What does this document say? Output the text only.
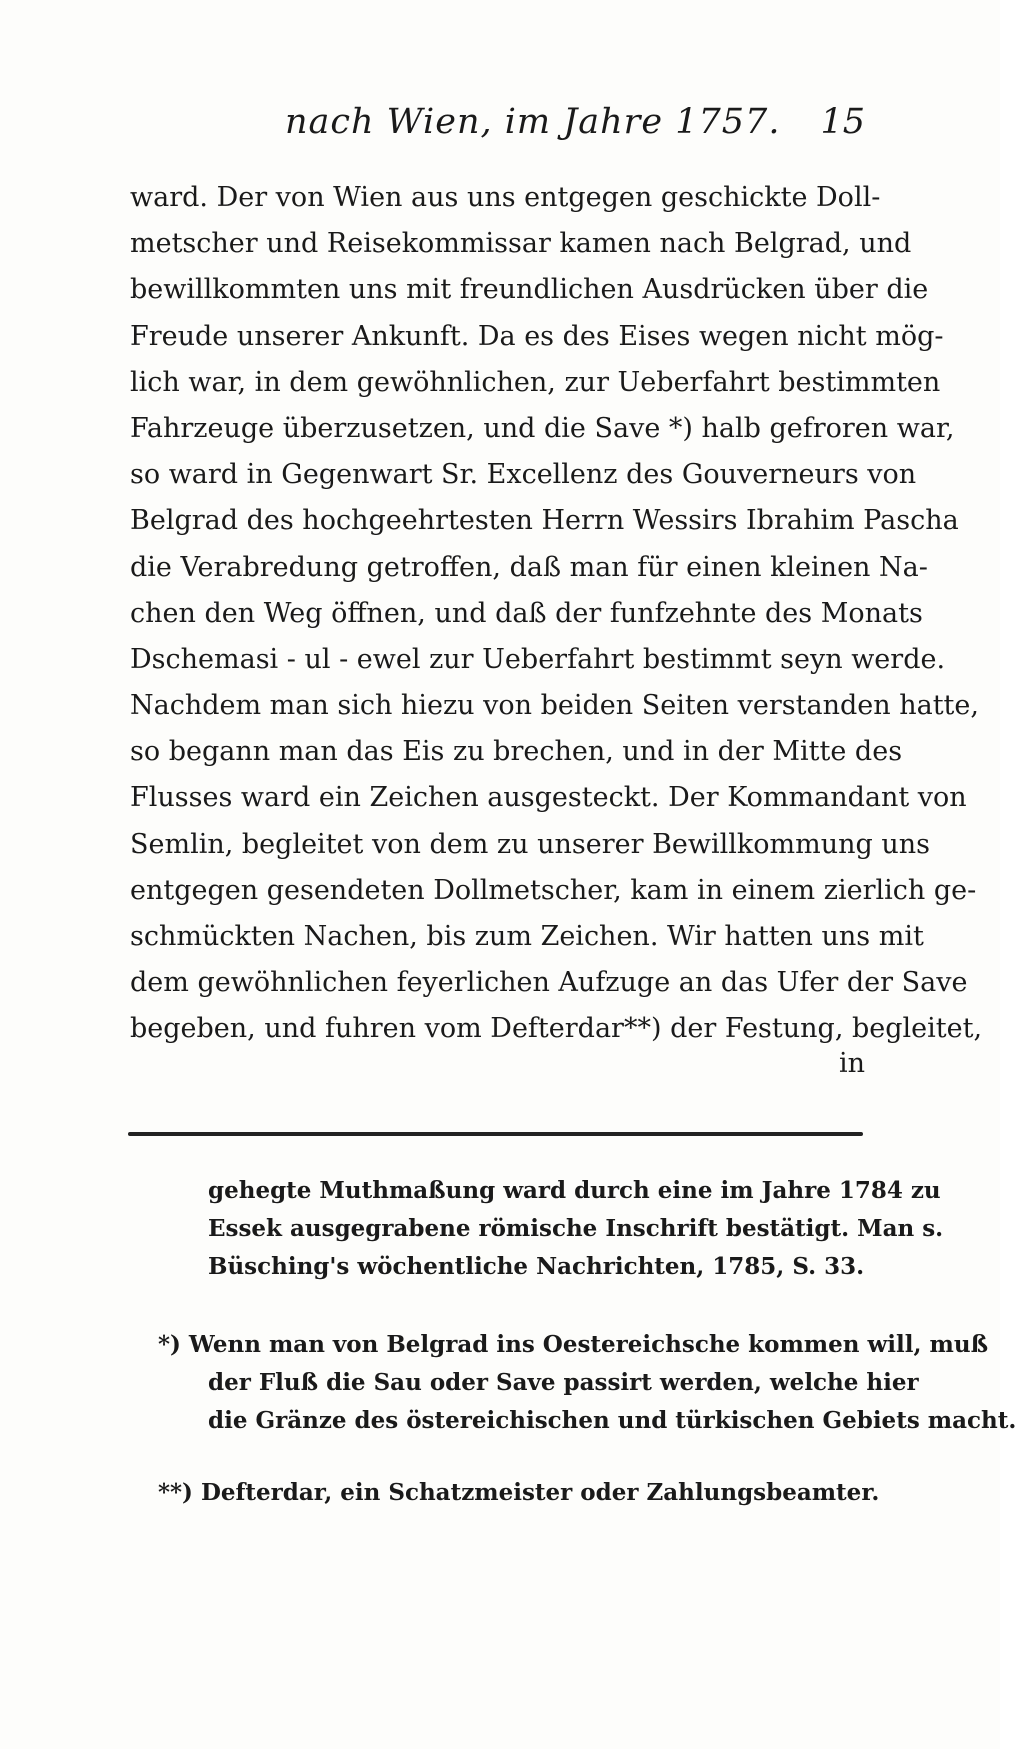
nach Wien, im Jahre 1757. 15
ward. Der von Wien aus uns entgegen geschickte Doll-
metscher und Reisekommissar kamen nach Belgrad, und
bewillkommten uns mit freundlichen Ausdrücken über die
Freude unserer Ankunft. Da es des Eises wegen nicht mög-
lich war, in dem gewöhnlichen, zur Ueberfahrt bestimmten
Fahrzeuge überzusetzen, und die Save *) halb gefroren war,
so ward in Gegenwart Sr. Excellenz des Gouverneurs von
Belgrad des hochgeehrtesten Herrn Wessirs Ibrahim Pascha
die Verabredung getroffen, daß man für einen kleinen Na-
chen den Weg öffnen, und daß der funfzehnte des Monats
Dschemasi - ul - ewel zur Ueberfahrt bestimmt seyn werde.
Nachdem man sich hiezu von beiden Seiten verstanden hatte,
so begann man das Eis zu brechen, und in der Mitte des
Flusses ward ein Zeichen ausgesteckt. Der Kommandant von
Semlin, begleitet von dem zu unserer Bewillkommung uns
entgegen gesendeten Dollmetscher, kam in einem zierlich ge-
schmückten Nachen, bis zum Zeichen. Wir hatten uns mit
dem gewöhnlichen feyerlichen Aufzuge an das Ufer der Save
begeben, und fuhren vom Defterdar**) der Festung, begleitet,
in
gehegte Muthmaßung ward durch eine im Jahre 1784 zu
Essek ausgegrabene römische Inschrift bestätigt. Man s.
Büsching's wöchentliche Nachrichten, 1785, S. 33.
*) Wenn man von Belgrad ins Oestereichsche kommen will, muß
der Fluß die Sau oder Save passirt werden, welche hier
die Gränze des östereichischen und türkischen Gebiets macht.
**) Defterdar, ein Schatzmeister oder Zahlungsbeamter.
